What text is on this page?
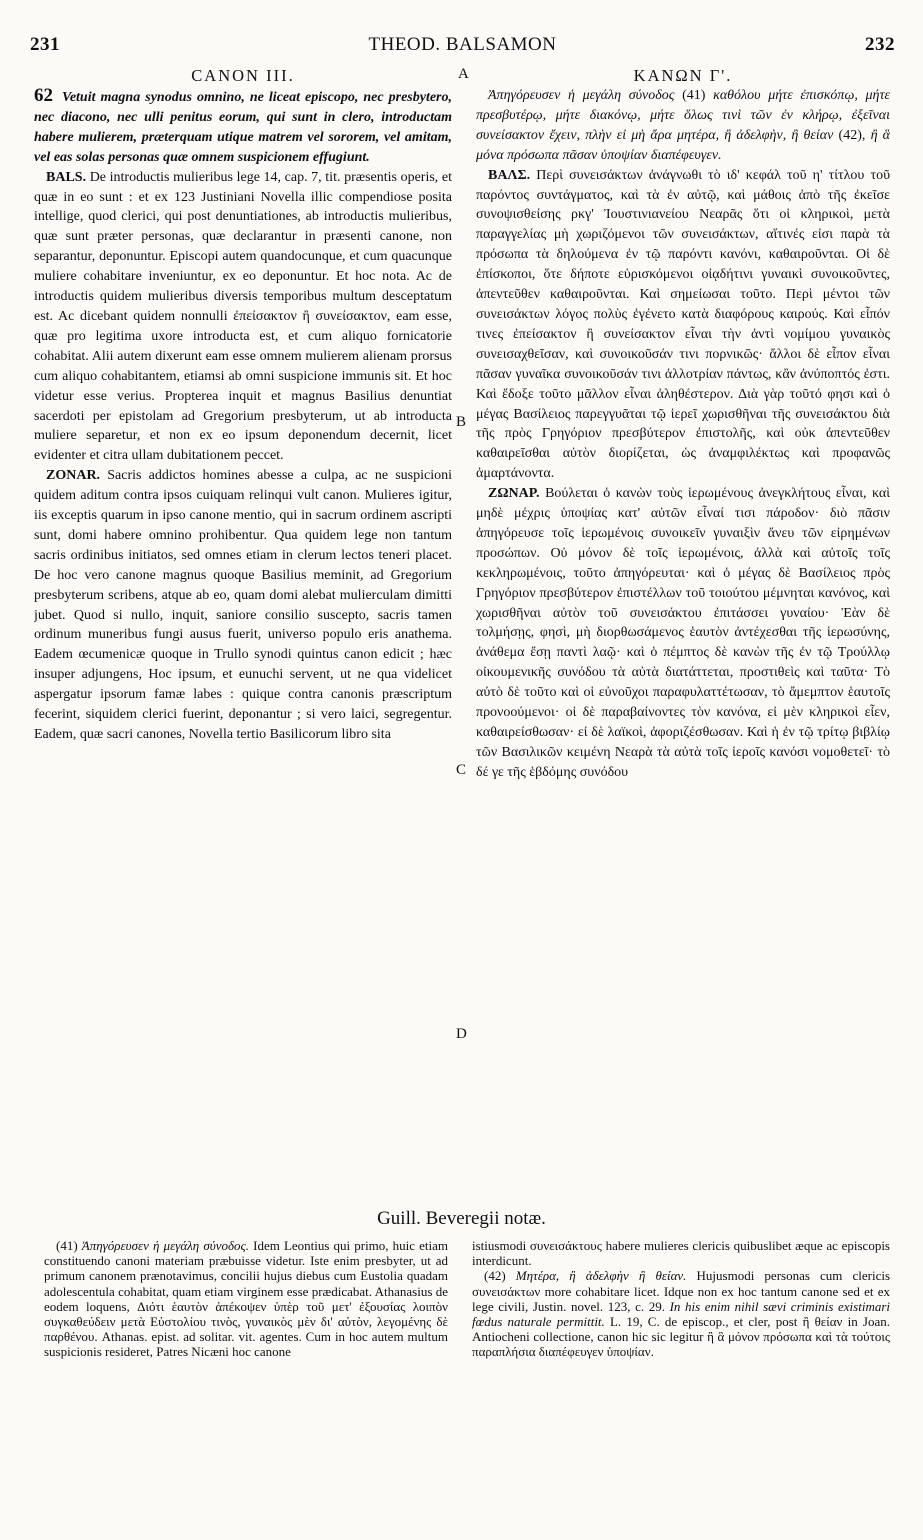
231	THEOD. BALSAMON	232
A
B
C
D
CANON III.

62 Vetuit magna synodus omnino, ne liceat episcopo, nec presbytero, nec diacono, nec ulli penitus eorum, qui sunt in clero, introductam habere mulierem, præterquam utique matrem vel sororem, vel amitam, vel eas solas personas quæ omnem suspicionem effugiunt.

BALS. De introductis mulieribus lege 14, cap. 7, tit. præsentis operis, et quæ in eo sunt : et ex 123 Justiniani Novella illic compendiose posita intellige, quod clerici, qui post denuntiationes, ab introductis mulieribus, quæ sunt præter personas, quæ declarantur in præsenti canone, non separantur, deponuntur. Episcopi autem quandocunque, et cum quacunque muliere cohabitare inveniuntur, ex eo deponuntur. Et hoc nota. Ac de introductis quidem mulieribus diversis temporibus multum desceptatum est. Ac dicebant quidem nonnulli ἐπείσακτον ἢ συνείσακτον, eam esse, quæ pro legitima uxore introducta est, et cum aliquo fornicatorie cohabitat. Alii autem dixerunt eam esse omnem mulierem alienam prorsus cum aliquo cohabitantem, etiamsi ab omni suspicione immunis sit. Et hoc videtur esse verius. Propterea inquit et magnus Basilius denuntiat sacerdoti per epistolam ad Gregorium presbyterum, ut ab introducta muliere separetur, et non ex eo ipsum deponendum decernit, licet evidenter et citra ullam dubitationem peccet.

ZONAR. Sacris addictos homines abesse a culpa, ac ne suspicioni quidem aditum contra ipsos cuiquam relinqui vult canon. Mulieres igitur, iis exceptis quarum in ipso canone mentio, qui in sacrum ordinem ascripti sunt, domi habere omnino prohibentur. Qua quidem lege non tantum sacris ordinibus initiatos, sed omnes etiam in clerum lectos teneri placet. De hoc vero canone magnus quoque Basilius meminit, ad Gregorium presbyterum scribens, atque ab eo, quam domi alebat mulierculam dimitti jubet. Quod si nullo, inquit, saniore consilio suscepto, sacris tamen ordinum muneribus fungi ausus fuerit, universo populo eris anathema. Eadem œcumenicæ quoque in Trullo synodi quintus canon edicit ; hæc insuper adjungens, Hoc ipsum, et eunuchi servent, ut ne qua videlicet aspergatur ipsorum famæ labes : quique contra canonis præscriptum fecerint, siquidem clerici fuerint, deponantur ; si vero laici, segregentur. Eadem, quæ sacri canones, Novella tertio Basilicorum libro sita

ΚΑΝΩΝ Γ'.

Ἀπηγόρευσεν ἡ μεγάλη σύνοδος (41) καθόλου μήτε ἐπισκόπῳ, μήτε πρεσβυτέρῳ, μήτε διακόνῳ, μήτε ὅλως τινὶ τῶν ἐν κλήρῳ, ἐξεῖναι συνείσακτον ἔχειν, πλὴν εἰ μὴ ἄρα μητέρα, ἢ ἀδελφὴν, ἢ θείαν (42), ἢ ἃ μόνα πρόσωπα πᾶσαν ὑποψίαν διαπέφευγεν.

ΒΑΛΣ. Περὶ συνεισάκτων ἀνάγνωθι τὸ ιδ' κεφάλ τοῦ η' τίτλου τοῦ παρόντος συντάγματος, καὶ τὰ ἐν αὐτῷ, καὶ μάθοις ἀπὸ τῆς ἐκεῖσε συνοψισθείσης ρκγ' Ἰουστινιανείου Νεαρᾶς ὅτι οἱ κληρικοὶ, μετὰ παραγγελίας μὴ χωριζόμενοι τῶν συνεισάκτων, αἵτινές εἰσι παρὰ τὰ πρόσωπα τὰ δηλούμενα ἐν τῷ παρόντι κανόνι, καθαιροῦνται. Οἱ δὲ ἐπίσκοποι, ὅτε δήποτε εὑρισκόμενοι οἰᾳδήτινι γυναικὶ συνοικοῦντες, ἀπεντεῦθεν καθαιροῦνται. Καὶ σημείωσαι τοῦτο. Περὶ μέντοι τῶν συνεισάκτων λόγος πολὺς ἐγένετο κατὰ διαφόρους καιρούς. Καὶ εἶπόν τινες ἐπείσακτον ἢ συνείσακτον εἶναι τὴν ἀντὶ νομίμου γυναικὸς συνεισαχθεῖσαν, καὶ συνοικοῦσάν τινι πορνικῶς· ἄλλοι δὲ εἶπον εἶναι πᾶσαν γυναῖκα συνοικοῦσάν τινι ἀλλοτρίαν πάντως, κἂν ἀνύποπτός ἐστι. Καὶ ἔδοξε τοῦτο μᾶλλον εἶναι ἀληθέστερον. Διὰ γὰρ τοῦτό φησι καὶ ὁ μέγας Βασίλειος παρεγγυᾶται τῷ ἱερεῖ χωρισθῆναι τῆς συνεισάκτου διὰ τῆς πρὸς Γρηγόριον πρεσβύτερον ἐπιστολῆς, καὶ οὐκ ἀπεντεῦθεν καθαιρεῖσθαι αὐτὸν διορίζεται, ὡς ἀναμφιλέκτως καὶ προφανῶς ἁμαρτάνοντα.

ΖΩΝΑΡ. Βούλεται ὁ κανὼν τοὺς ἱερωμένους ἀνεγκλήτους εἶναι, καὶ μηδὲ μέχρις ὑποψίας κατ' αὐτῶν εἶναί τισι πάροδον· διὸ πᾶσιν ἀπηγόρευσε τοῖς ἱερωμένοις συνοικεῖν γυναιξὶν ἄνευ τῶν εἰρημένων προσώπων. Οὐ μόνον δὲ τοῖς ἱερωμένοις, ἀλλὰ καὶ αὐτοῖς τοῖς κεκληρωμένοις, τοῦτο ἀπηγόρευται· καὶ ὁ μέγας δὲ Βασίλειος πρὸς Γρηγόριον πρεσβύτερον ἐπιστέλλων τοῦ τοιούτου μέμνηται κανόνος, καὶ χωρισθῆναι αὐτὸν τοῦ συνεισάκτου ἐπιτάσσει γυναίου· Ἐὰν δὲ τολμήσῃς, φησὶ, μὴ διορθωσάμενος ἑαυτὸν ἀντέχεσθαι τῆς ἱερωσύνης, ἀνάθεμα ἔσῃ παντὶ λαῷ· καὶ ὁ πέμπτος δὲ κανὼν τῆς ἐν τῷ Τρούλλῳ οἰκουμενικῆς συνόδου τὰ αὐτὰ διατάττεται, προστιθεὶς καὶ ταῦτα· Τὸ αὐτὸ δὲ τοῦτο καὶ οἱ εὐνοῦχοι παραφυλαττέτωσαν, τὸ ἄμεμπτον ἑαυτοῖς προνοούμενοι· οἱ δὲ παραβαίνοντες τὸν κανόνα, εἰ μὲν κληρικοὶ εἶεν, καθαιρείσθωσαν· εἰ δὲ λαϊκοὶ, ἀφοριζέσθωσαν. Καὶ ἡ ἐν τῷ τρίτῳ βιβλίῳ τῶν Βασιλικῶν κειμένη Νεαρὰ τὰ αὐτὰ τοῖς ἱεροῖς κανόσι νομοθετεῖ· τὸ δέ γε τῆς ἑβδόμης συνόδου

Guill. Beveregii notæ.

(41) Ἀπηγόρευσεν ἡ μεγάλη σύνοδος. Idem Leontius qui primo, huic etiam constituendo canoni materiam præbuisse videtur. Iste enim presbyter, ut ad primum canonem prænotavimus, concilii hujus diebus cum Eustolia quadam adolescentula cohabitat, quam etiam virginem esse prædicabat. Athanasius de eodem loquens, Διότι ἑαυτὸν ἀπέκοψεν ὑπὲρ τοῦ μετ' ἐξουσίας λοιπὸν συγκαθεύδειν μετὰ Εὐστολίου τινὸς, γυναικὸς μὲν δι' αὐτὸν, λεγομένης δὲ παρθένου. Athanas. epist. ad solitar. vit. agentes. Cum in hoc autem multum suspicionis resideret, Patres Nicæni hoc canone

istiusmodi συνεισάκτους habere mulieres clericis quibuslibet æque ac episcopis interdicunt.

(42) Μητέρα, ἢ ἀδελφὴν ἢ θείαν. Hujusmodi personas cum clericis συνεισάκτων more cohabitare licet. Idque non ex hoc tantum canone sed et ex lege civili, Justin. novel. 123, c. 29. In his enim nihil sævi criminis existimari fœdus naturale permittit. L. 19, C. de episcop., et cler, post ἢ θείαν in Joan. Antiocheni collectione, canon hic sic legitur ἢ ἃ μόνον πρόσωπα καὶ τὰ τούτοις παραπλήσια διαπέφευγεν ὑποψίαν.
